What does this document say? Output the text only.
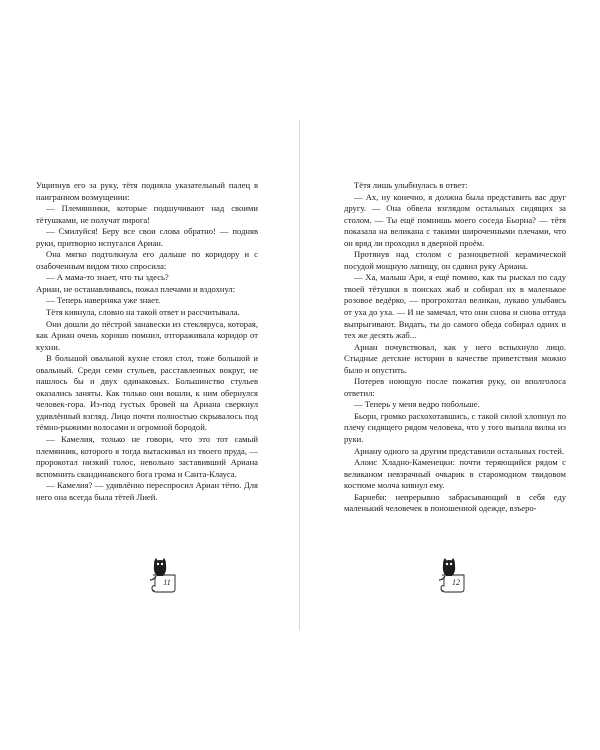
Ущипнув его за руку, тётя подняла указательный палец в наигранном возмущении:

— Племянники, которые подшучивают над своими тётушками, не получат пирога!

— Смилуйся! Беру все свои слова обратно! — подняв руки, притворно испугался Ариан.

Она мягко подтолкнула его дальше по коридору и с озабоченным видом тихо спросила:

— А мама-то знает, что ты здесь?

Ариан, не останавливаясь, пожал плечами и вздохнул:

— Теперь наверняка уже знает.

Тётя кивнула, словно на такой ответ и рассчитывала.

Они дошли до пёстрой занавески из стекляруса, которая, как Ариан очень хорошо помнил, отгораживала коридор от кухни.

В большой овальной кухне стоял стол, тоже большой и овальный. Среди семи стульев, расставленных вокруг, не нашлось бы и двух одинаковых. Большинство стульев оказались заняты. Как только они вошли, к ним обернулся человек-гора. Из-под густых бровей на Ариана сверкнул удивлённый взгляд. Лицо почти полностью скрывалось под тёмно-рыжими волосами и огромной бородой.

— Камелия, только не говори, что это тот самый племянник, которого я тогда вытаскивал из твоего пруда, — пророкотал низкий голос, невольно заставивший Ариана вспомнить скандинавского бога грома и Санта-Клауса.

— Камелия? — удивлённо переспросил Ариан тётю. Для него она всегда была тётей Лией.

Тётя лишь улыбнулась в ответ:

— Ах, ну конечно, я должна была представить вас друг другу. — Она обвела взглядом остальных сидящих за столом. — Ты ещё помнишь моего соседа Бьорна? — тётя показала на великана с такими широченными плечами, что он вряд ли проходил в дверной проём.

Протянув над столом с разноцветной керамической посудой мощную лапищу, он сдавил руку Ариана.

— Ха, малыш Ари, я ещё помню, как ты рыскал по саду твоей тётушки в поисках жаб и собирал их в маленькое розовое ведёрко, — прогрохотал великан, лукаво улыбаясь от уха до уха. — И не замечал, что они снова и снова оттуда выпрыгивают. Видать, ты до самого обеда собирал одних и тех же десять жаб...

Ариан почувствовал, как у него вспыхнуло лицо. Стыдные детские истории в качестве приветствия можно было и опустить.

Потерев ноющую после пожатия руку, он вполголоса ответил:

— Теперь у меня ведро побольше.

Бьорн, громко расхохотавшись, с такой силой хлопнул по плечу сидящего рядом человека, что у того выпала вилка из руки.

Ариану одного за другим представили остальных гостей.

Алоис Хладно-Каменецки: почти теряющийся рядом с великаном невзрачный очкарик в старомодном твидовом костюме молча кивнул ему.

Барнеби: непрерывно забрасывающий в себя еду маленький человечек в поношенной одежде, взъеро-

11	12
